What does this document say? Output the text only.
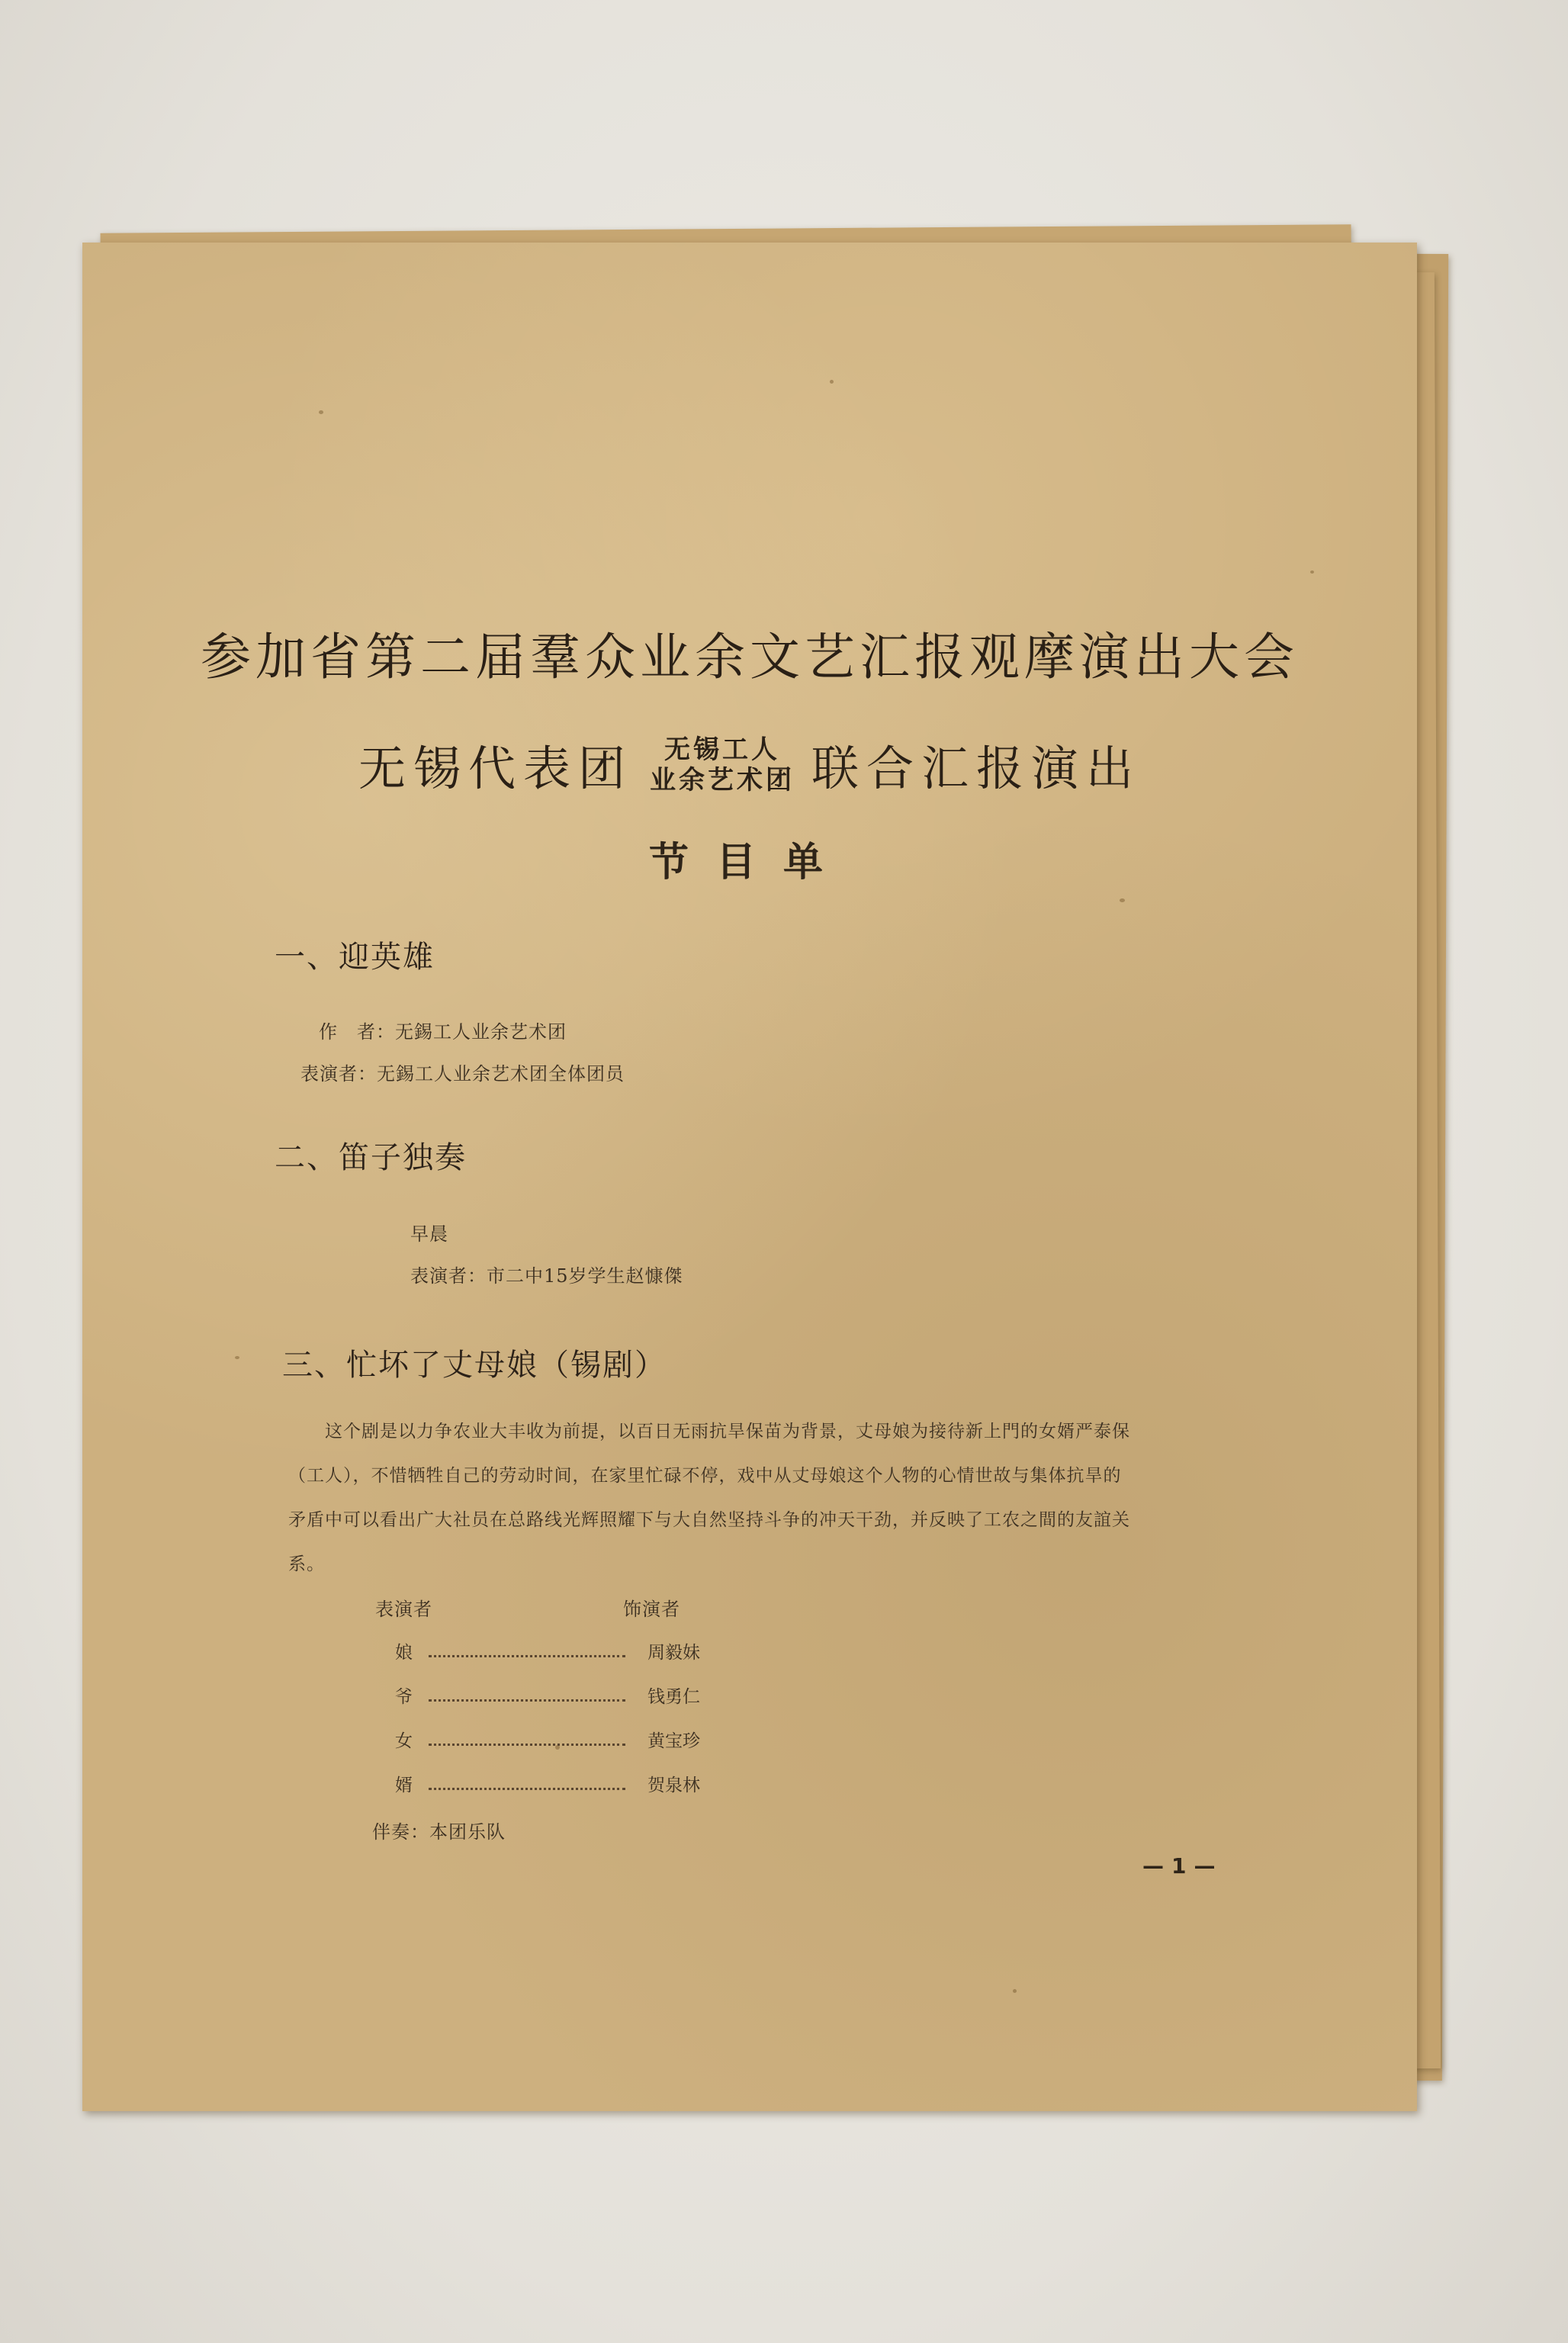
参加省第二届羣众业余文艺汇报观摩演出大会
无锡代表团 无锡工人
业余艺术团 联合汇报演出
节目单
一、迎英雄
作　者：无錫工人业余艺术团
表演者：无錫工人业余艺术团全体团员
二、笛子独奏
早晨
表演者：市二中15岁学生赵慷傑
三、忙坏了丈母娘（锡剧）
这个剧是以力争农业大丰收为前提，以百日无雨抗旱保苗为背景，丈母娘为接待新上門的女婿严泰保
（工人），不惜牺牲自己的劳动时间，在家里忙碌不停，戏中从丈母娘这个人物的心情世故与集体抗旱的
矛盾中可以看出广大社员在总路线光辉照耀下与大自然坚持斗争的冲天干劲，并反映了工农之間的友誼关
系。
表演者	饰演者
娘	周毅妹
爷	钱勇仁
女	黄宝珍
婿	贺泉林
伴奏：本团乐队
—1—
